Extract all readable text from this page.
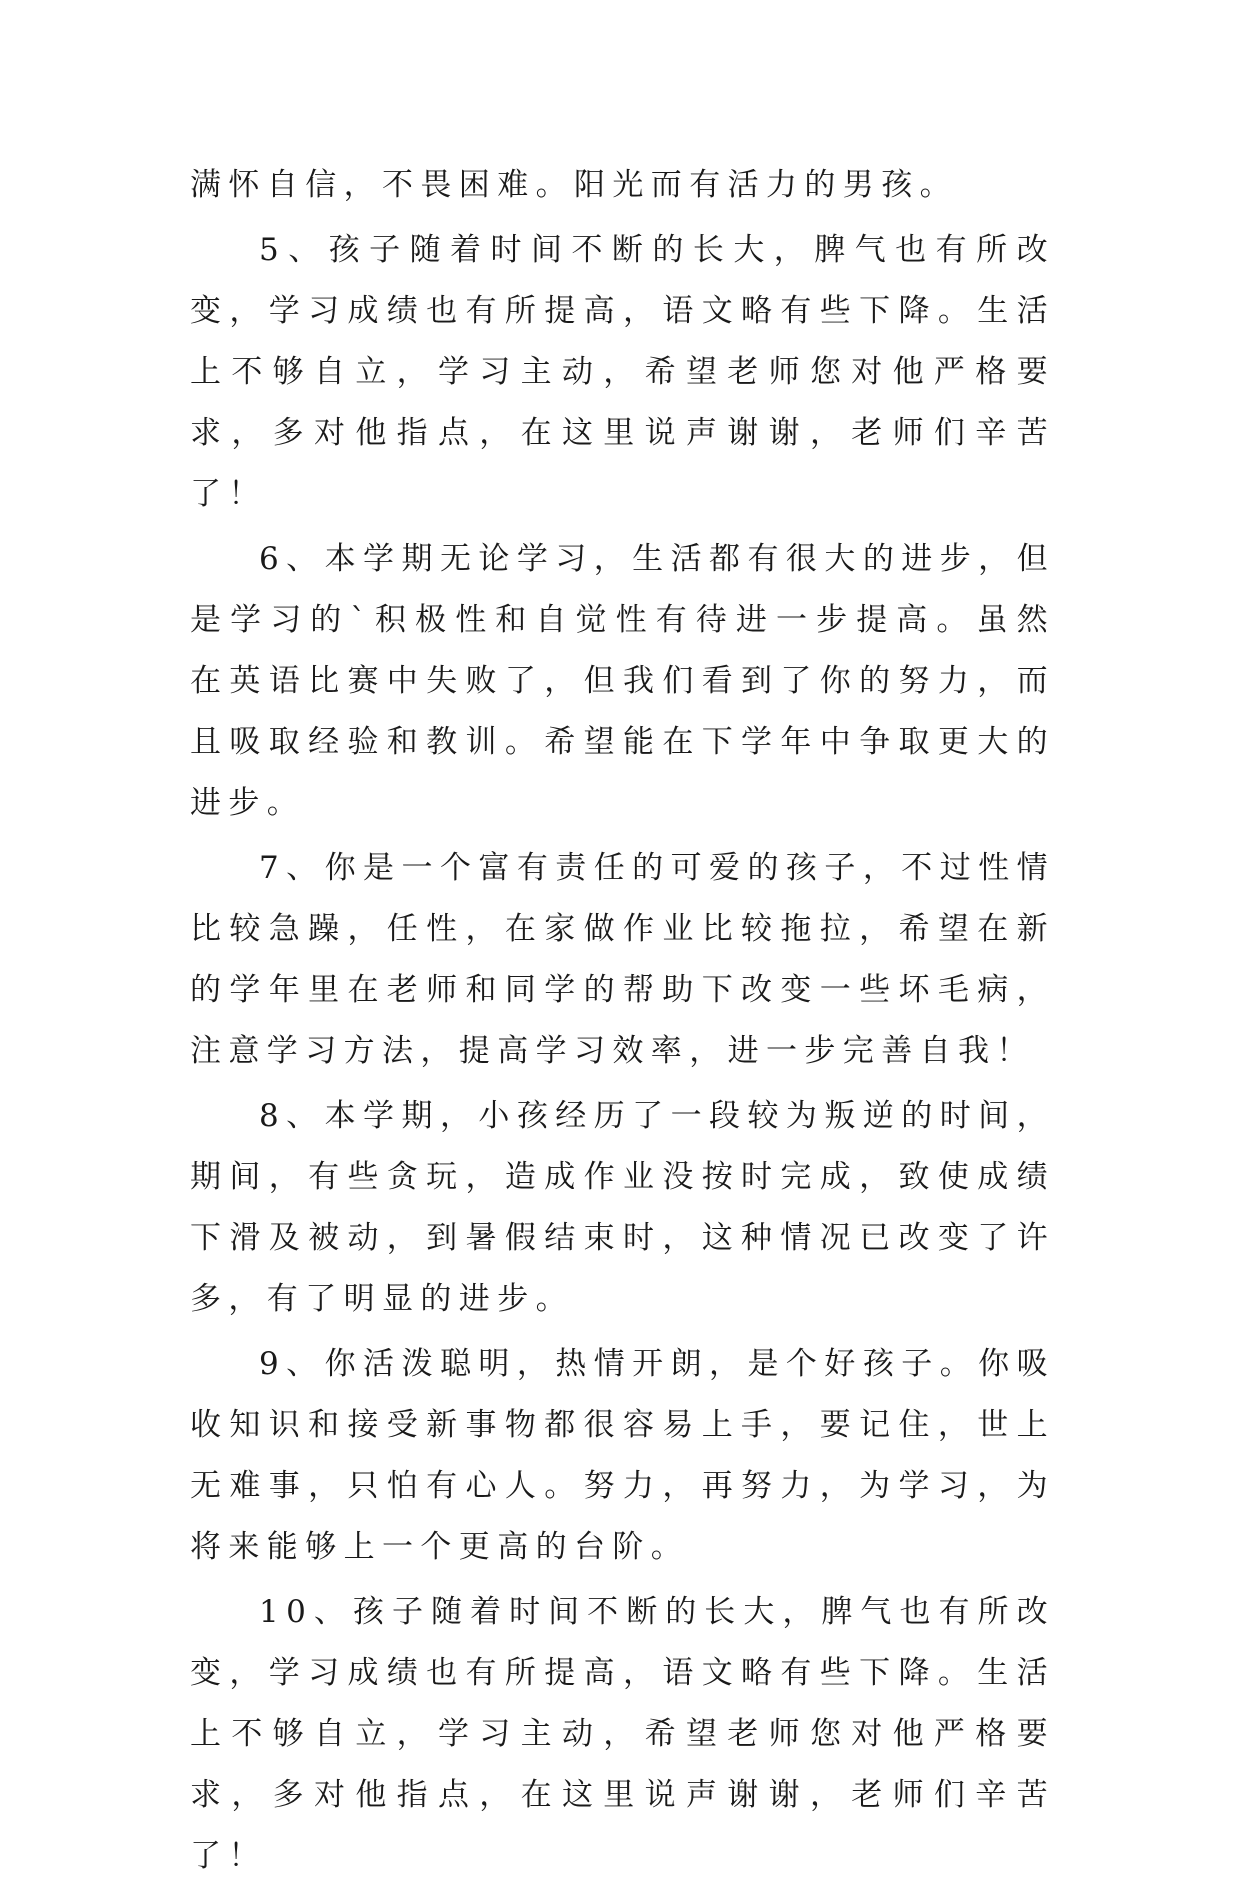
满怀自信，不畏困难。阳光而有活力的男孩。

5、孩子随着时间不断的长大，脾气也有所改变，学习成绩也有所提高，语文略有些下降。生活上不够自立，学习主动，希望老师您对他严格要求，多对他指点，在这里说声谢谢，老师们辛苦了！

6、本学期无论学习，生活都有很大的进步，但是学习的`积极性和自觉性有待进一步提高。虽然在英语比赛中失败了，但我们看到了你的努力，而且吸取经验和教训。希望能在下学年中争取更大的进步。

7、你是一个富有责任的可爱的孩子，不过性情比较急躁，任性，在家做作业比较拖拉，希望在新的学年里在老师和同学的帮助下改变一些坏毛病，注意学习方法，提高学习效率，进一步完善自我！

8、本学期，小孩经历了一段较为叛逆的时间，期间，有些贪玩，造成作业没按时完成，致使成绩下滑及被动，到暑假结束时，这种情况已改变了许多，有了明显的进步。

9、你活泼聪明，热情开朗，是个好孩子。你吸收知识和接受新事物都很容易上手，要记住，世上无难事，只怕有心人。努力，再努力，为学习，为将来能够上一个更高的台阶。

10、孩子随着时间不断的长大，脾气也有所改变，学习成绩也有所提高，语文略有些下降。生活上不够自立，学习主动，希望老师您对他严格要求，多对他指点，在这里说声谢谢，老师们辛苦了！
